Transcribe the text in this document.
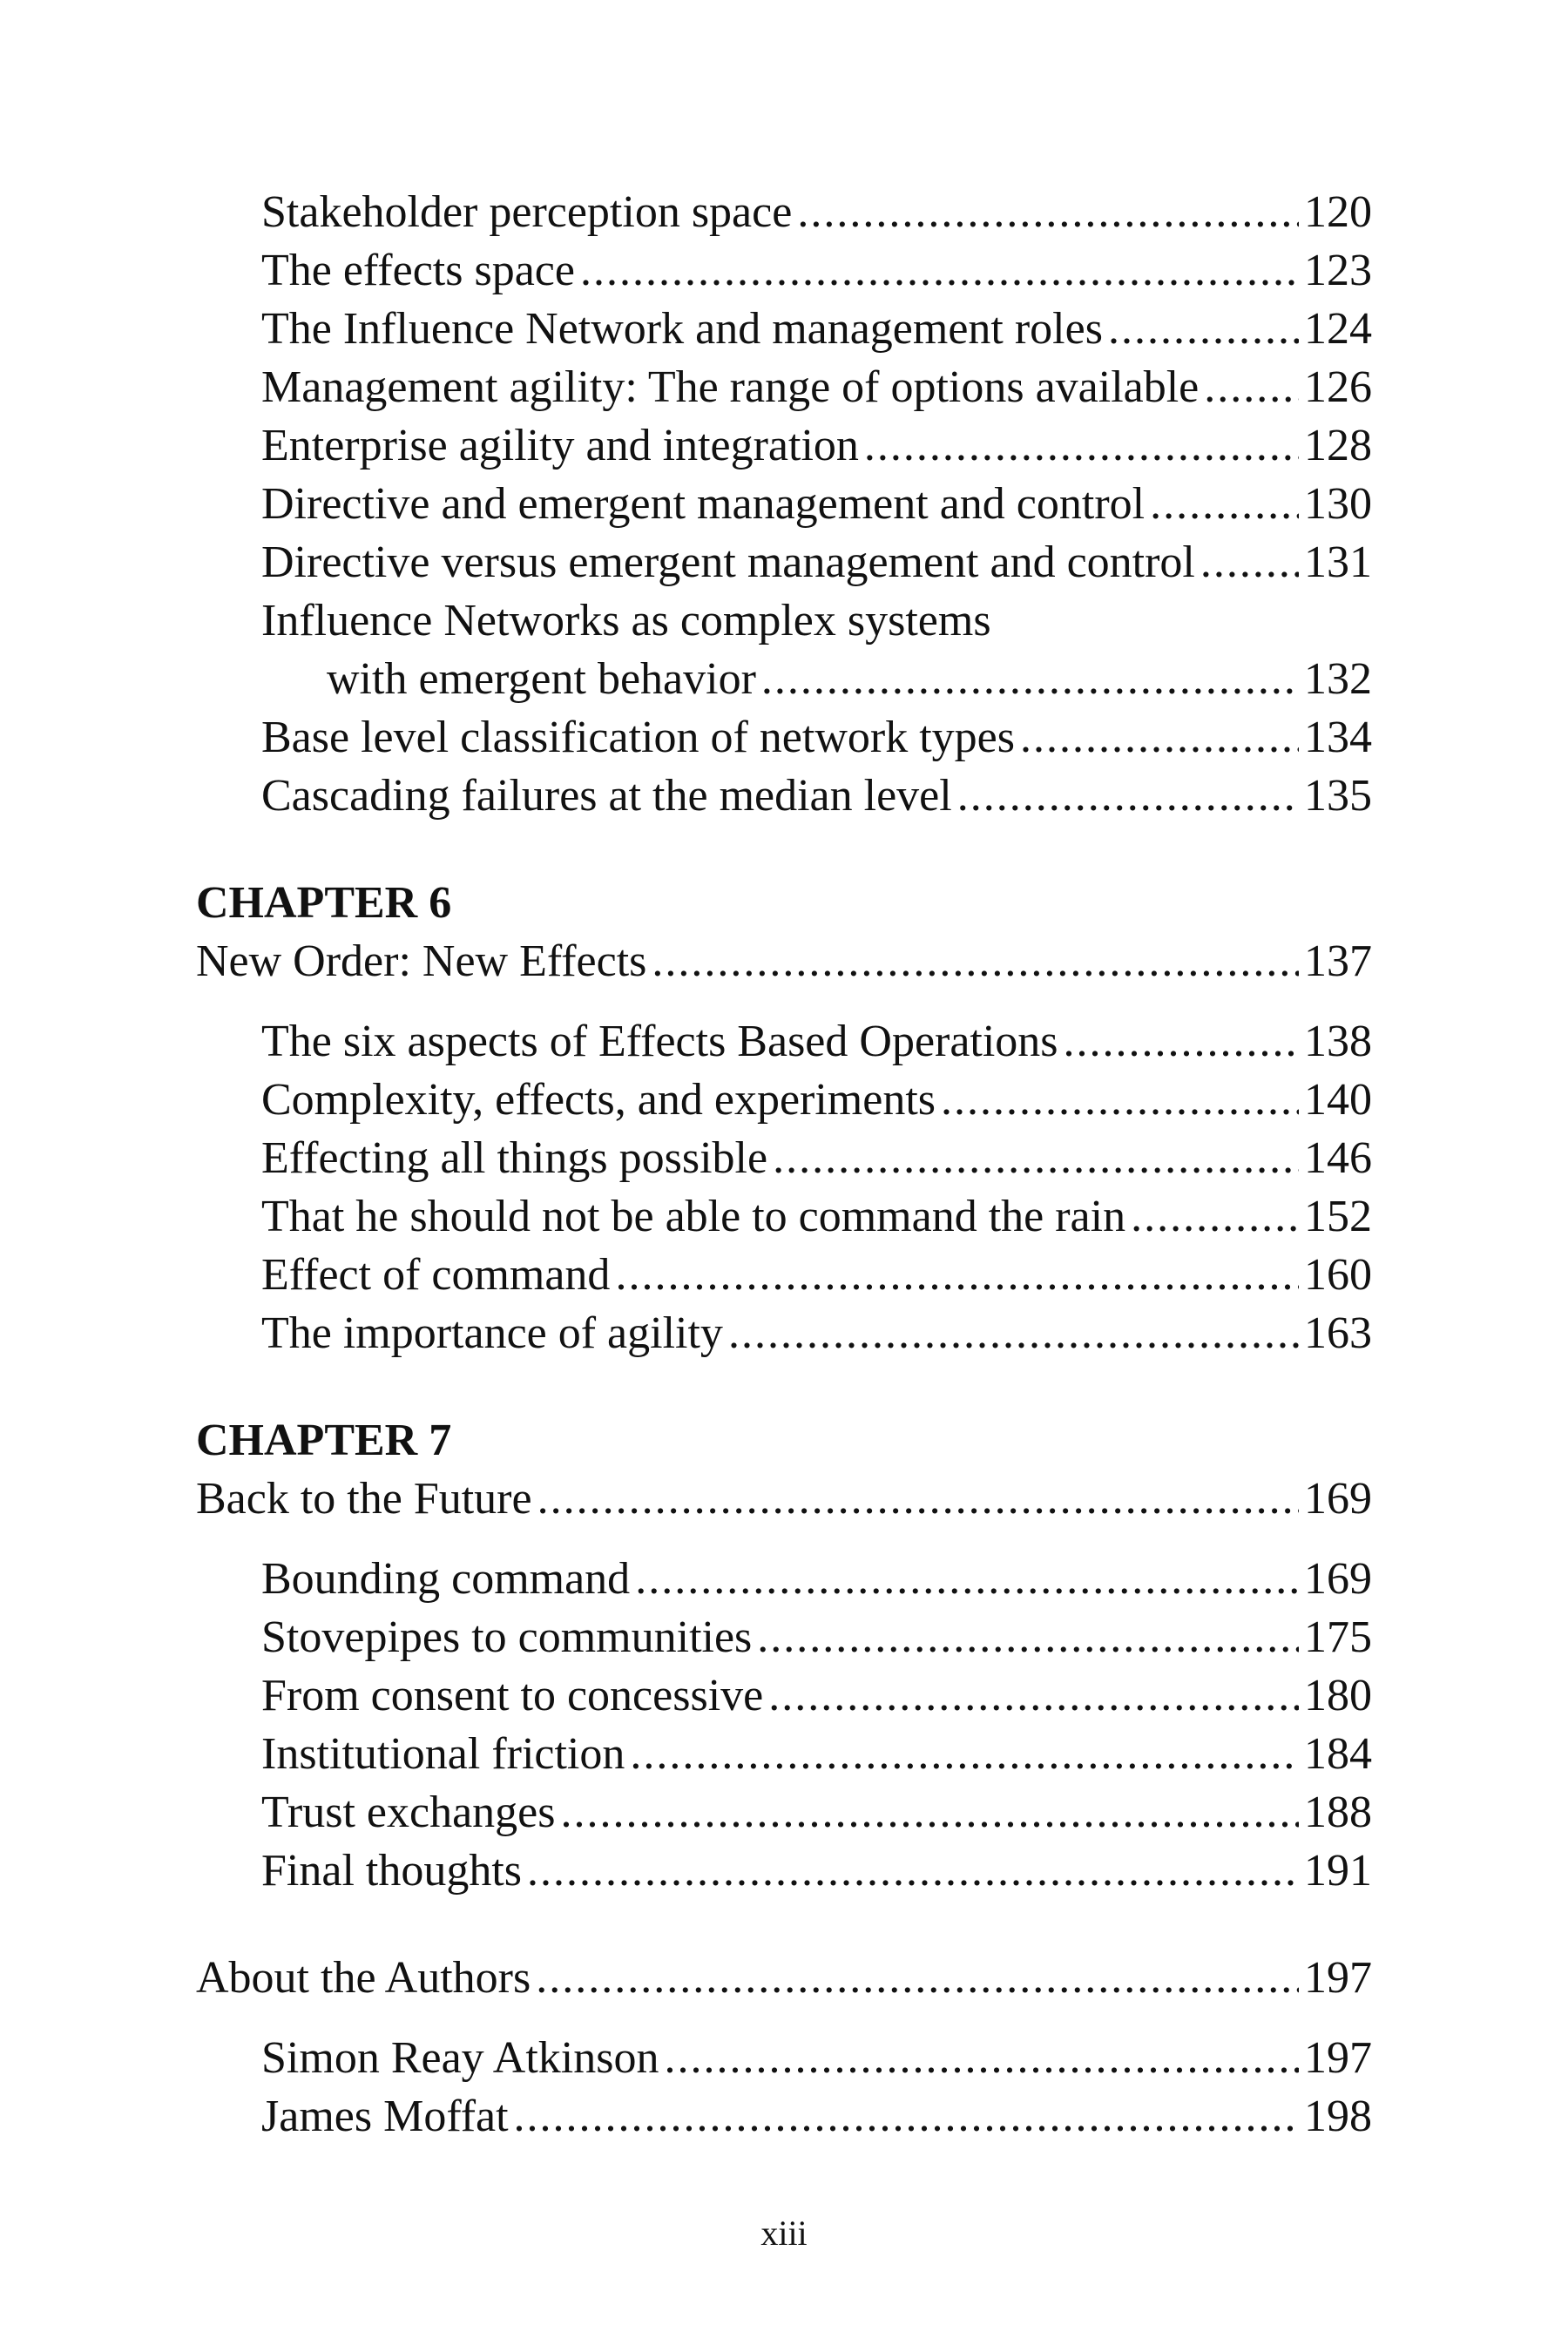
Stakeholder perception space .....	120
The effects space .....	123
The Influence Network and management roles .....	124
Management agility: The range of options available ..... 126
Enterprise agility and integration .....	128
Directive and emergent management and control .....	130
Directive versus emergent management and control ..... 131
Influence Networks as complex systems
with emergent behavior .....	132
Base level classification of network types .....	134
Cascading failures at the median level .....	135
CHAPTER 6
New Order: New Effects .....	137
The six aspects of Effects Based Operations .....	138
Complexity, effects, and experiments .....	140
Effecting all things possible .....	146
That he should not be able to command the rain .....	152
Effect of command .....	160
The importance of agility .....	163
CHAPTER 7
Back to the Future .....	169
Bounding command .....	169
Stovepipes to communities .....	175
From consent to concessive .....	180
Institutional friction .....	184
Trust exchanges .....	188
Final thoughts .....	191
About the Authors .....	197
Simon Reay Atkinson .....	197
James Moffat .....	198
xiii
